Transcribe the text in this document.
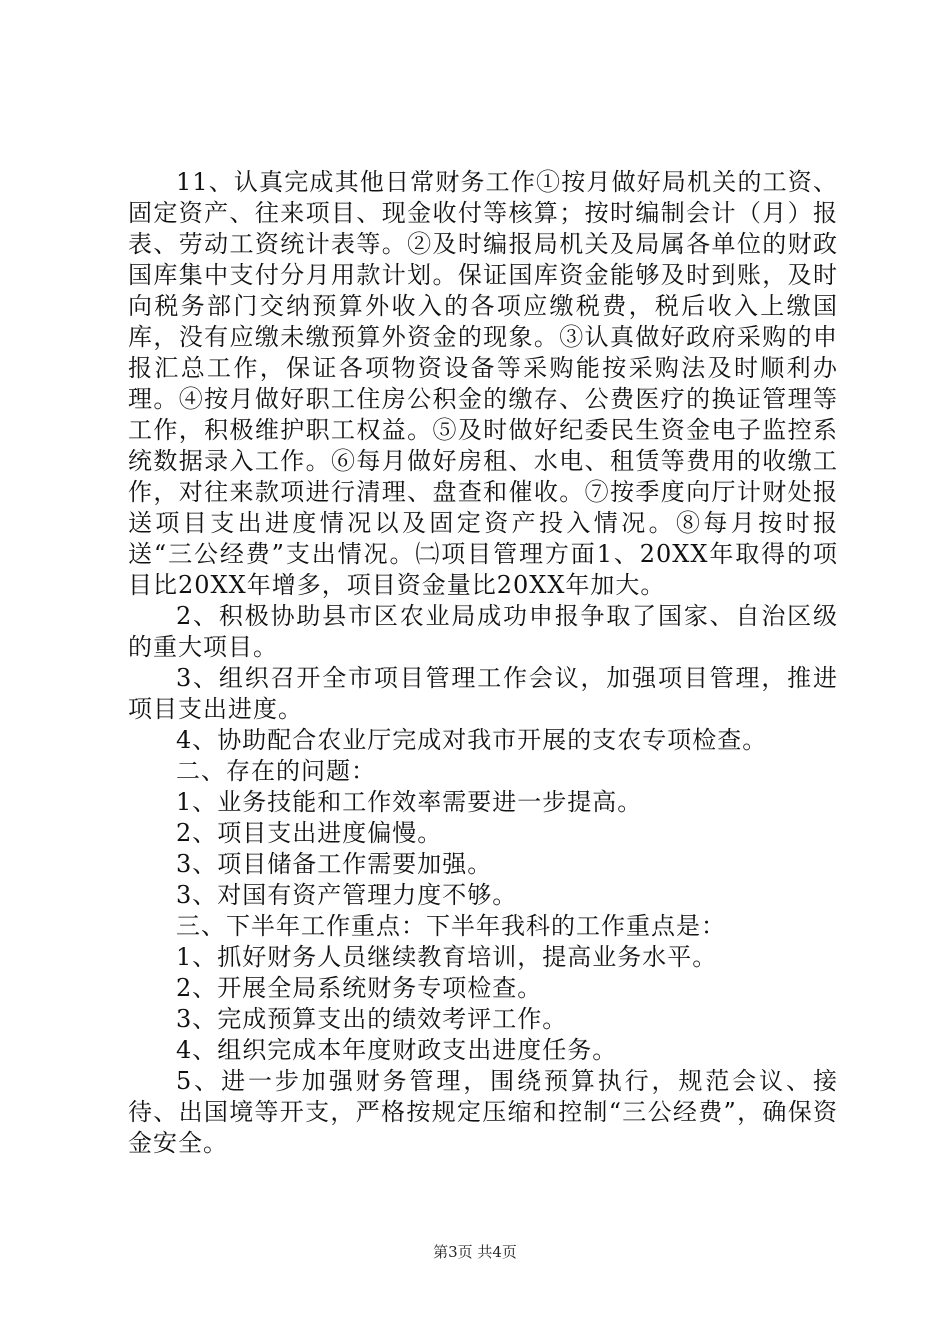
11、认真完成其他日常财务工作①按月做好局机关的工资、固定资产、往来项目、现金收付等核算；按时编制会计（月）报表、劳动工资统计表等。②及时编报局机关及局属各单位的财政国库集中支付分月用款计划。保证国库资金能够及时到账，及时向税务部门交纳预算外收入的各项应缴税费，税后收入上缴国库，没有应缴未缴预算外资金的现象。③认真做好政府采购的申报汇总工作，保证各项物资设备等采购能按采购法及时顺利办理。④按月做好职工住房公积金的缴存、公费医疗的换证管理等工作，积极维护职工权益。⑤及时做好纪委民生资金电子监控系统数据录入工作。⑥每月做好房租、水电、租赁等费用的收缴工作，对往来款项进行清理、盘查和催收。⑦按季度向厅计财处报送项目支出进度情况以及固定资产投入情况。⑧每月按时报送“三公经费”支出情况。㈡项目管理方面1、20XX年取得的项目比20XX年增多，项目资金量比20XX年加大。

2、积极协助县市区农业局成功申报争取了国家、自治区级的重大项目。

3、组织召开全市项目管理工作会议，加强项目管理，推进项目支出进度。

4、协助配合农业厅完成对我市开展的支农专项检查。

二、存在的问题：

1、业务技能和工作效率需要进一步提高。

2、项目支出进度偏慢。

3、项目储备工作需要加强。

3、对国有资产管理力度不够。

三、下半年工作重点：下半年我科的工作重点是：

1、抓好财务人员继续教育培训，提高业务水平。

2、开展全局系统财务专项检查。

3、完成预算支出的绩效考评工作。

4、组织完成本年度财政支出进度任务。

5、进一步加强财务管理，围绕预算执行，规范会议、接待、出国境等开支，严格按规定压缩和控制“三公经费”，确保资金安全。

第3页 共4页
